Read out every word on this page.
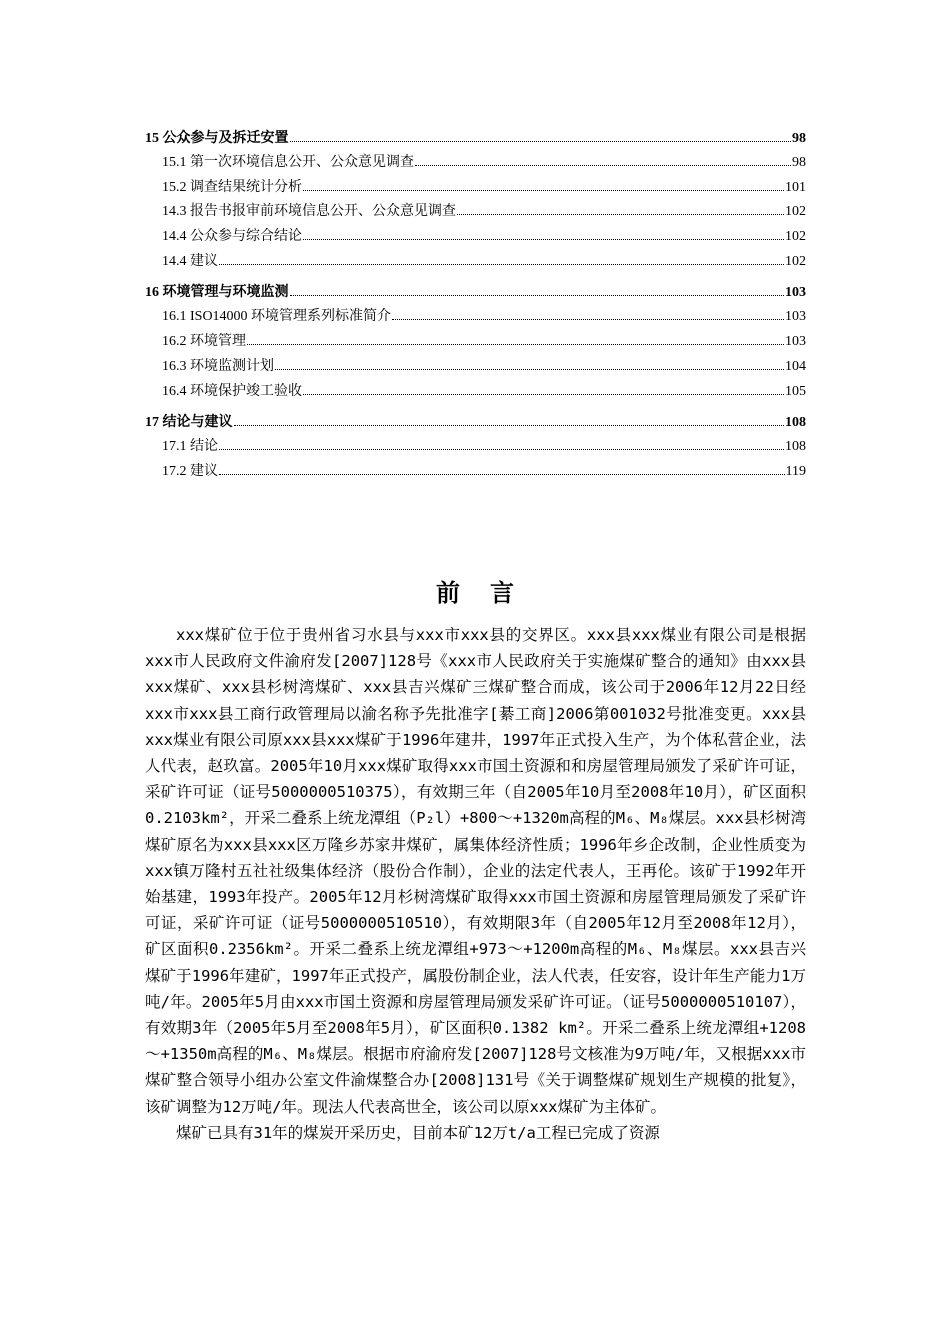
15 公众参与及拆迁安置	98
15.1 第一次环境信息公开、公众意见调查	98
15.2 调查结果统计分析	101
14.3 报告书报审前环境信息公开、公众意见调查	102
14.4 公众参与综合结论	102
14.4 建议	102
16 环境管理与环境监测	103
16.1 ISO14000 环境管理系列标准简介	103
16.2 环境管理	103
16.3 环境监测计划	104
16.4 环境保护竣工验收	105
17 结论与建议	108
17.1 结论	108
17.2 建议	119
前言

xxx煤矿位于位于贵州省习水县与xxx市xxx县的交界区。xxx县xxx煤业有限公司是根据xxx市人民政府文件渝府发[2007]128号《xxx市人民政府关于实施煤矿整合的通知》由xxx县xxx煤矿、xxx县杉树湾煤矿、xxx县吉兴煤矿三煤矿整合而成，该公司于2006年12月22日经xxx市xxx县工商行政管理局以渝名称予先批准字[綦工商]2006第001032号批准变更。xxx县xxx煤业有限公司原xxx县xxx煤矿于1996年建井，1997年正式投入生产，为个体私营企业，法人代表，赵玖富。2005年10月xxx煤矿取得xxx市国土资源和和房屋管理局颁发了采矿许可证，采矿许可证（证号5000000510375），有效期三年（自2005年10月至2008年10月），矿区面积0.2103km²，开采二叠系上统龙潭组（P₂l）+800～+1320m高程的M₆、M₈煤层。xxx县杉树湾煤矿原名为xxx县xxx区万隆乡苏家井煤矿，属集体经济性质；1996年乡企改制，企业性质变为xxx镇万隆村五社社级集体经济（股份合作制），企业的法定代表人，王再伦。该矿于1992年开始基建，1993年投产。2005年12月杉树湾煤矿取得xxx市国土资源和房屋管理局颁发了采矿许可证，采矿许可证（证号5000000510510），有效期限3年（自2005年12月至2008年12月），矿区面积0.2356km²。开采二叠系上统龙潭组+973～+1200m高程的M₆、M₈煤层。xxx县吉兴煤矿于1996年建矿，1997年正式投产，属股份制企业，法人代表，任安容，设计年生产能力1万吨/年。2005年5月由xxx市国土资源和房屋管理局颁发采矿许可证。（证号5000000510107），有效期3年（2005年5月至2008年5月），矿区面积0.1382 km²。开采二叠系上统龙潭组+1208～+1350m高程的M₆、M₈煤层。根据市府渝府发[2007]128号文核准为9万吨/年，又根据xxx市煤矿整合领导小组办公室文件渝煤整合办[2008]131号《关于调整煤矿规划生产规模的批复》，该矿调整为12万吨/年。现法人代表高世全，该公司以原xxx煤矿为主体矿。

煤矿已具有31年的煤炭开采历史，目前本矿12万t/a工程已完成了资源
